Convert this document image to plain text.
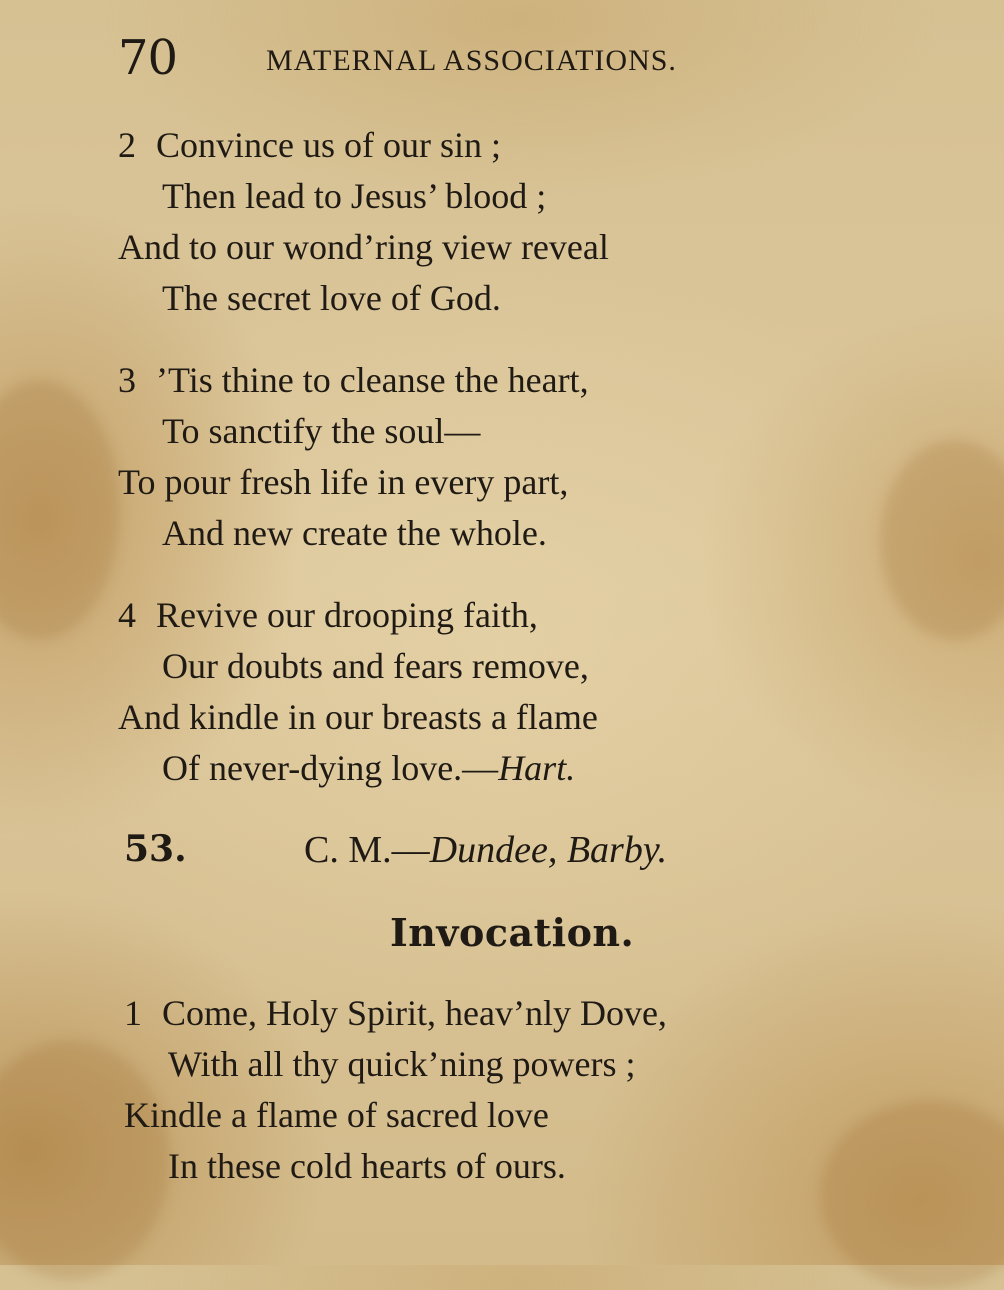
70	MATERNAL ASSOCIATIONS.
2 Convince us of our sin ;
Then lead to Jesus’ blood ;
And to our wond’ring view reveal
The secret love of God.
3 ’Tis thine to cleanse the heart,
To sanctify the soul—
To pour fresh life in every part,
And new create the whole.
4 Revive our drooping faith,
Our doubts and fears remove,
And kindle in our breasts a flame
Of never-dying love.—Hart.
53.	C. M.—Dundee, Barby.
Invocation.
1 Come, Holy Spirit, heav’nly Dove,
With all thy quick’ning powers ;
Kindle a flame of sacred love
In these cold hearts of ours.
